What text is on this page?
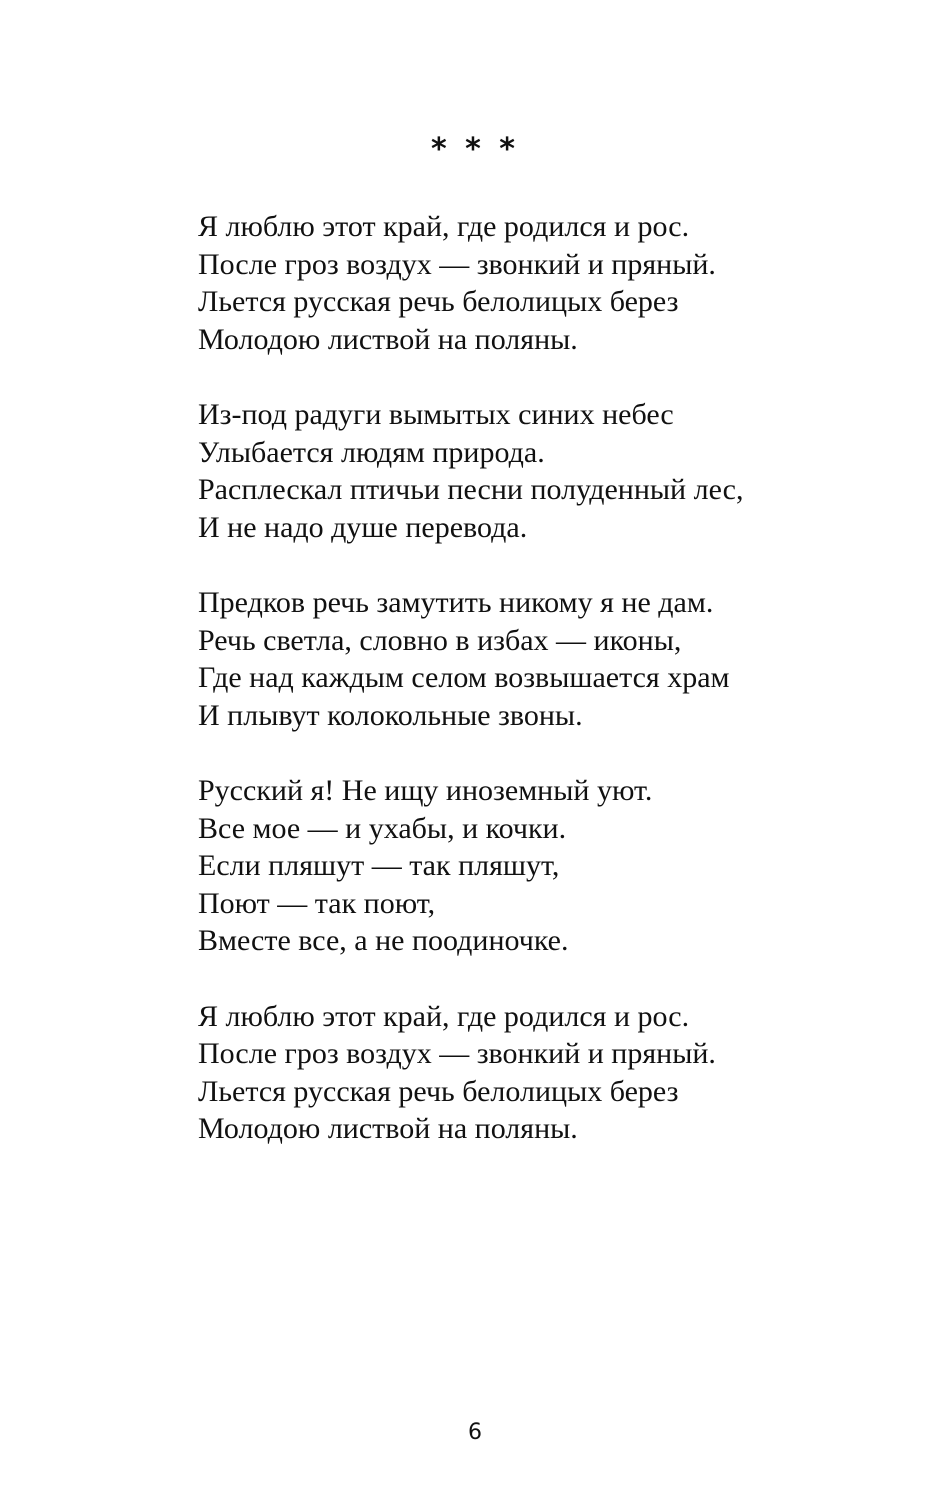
* * *
Я люблю этот край, где родился и рос.
После гроз воздух — звонкий и пряный.
Льется русская речь белолицых берез
Молодою листвой на поляны.
Из-под радуги вымытых синих небес
Улыбается людям природа.
Расплескал птичьи песни полуденный лес,
И не надо душе перевода.
Предков речь замутить никому я не дам.
Речь светла, словно в избах — иконы,
Где над каждым селом возвышается храм
И плывут колокольные звоны.
Русский я! Не ищу иноземный уют.
Все мое — и ухабы, и кочки.
Если пляшут — так пляшут,
Поют — так поют,
Вместе все, а не поодиночке.
Я люблю этот край, где родился и рос.
После гроз воздух — звонкий и пряный.
Льется русская речь белолицых берез
Молодою листвой на поляны.
6
